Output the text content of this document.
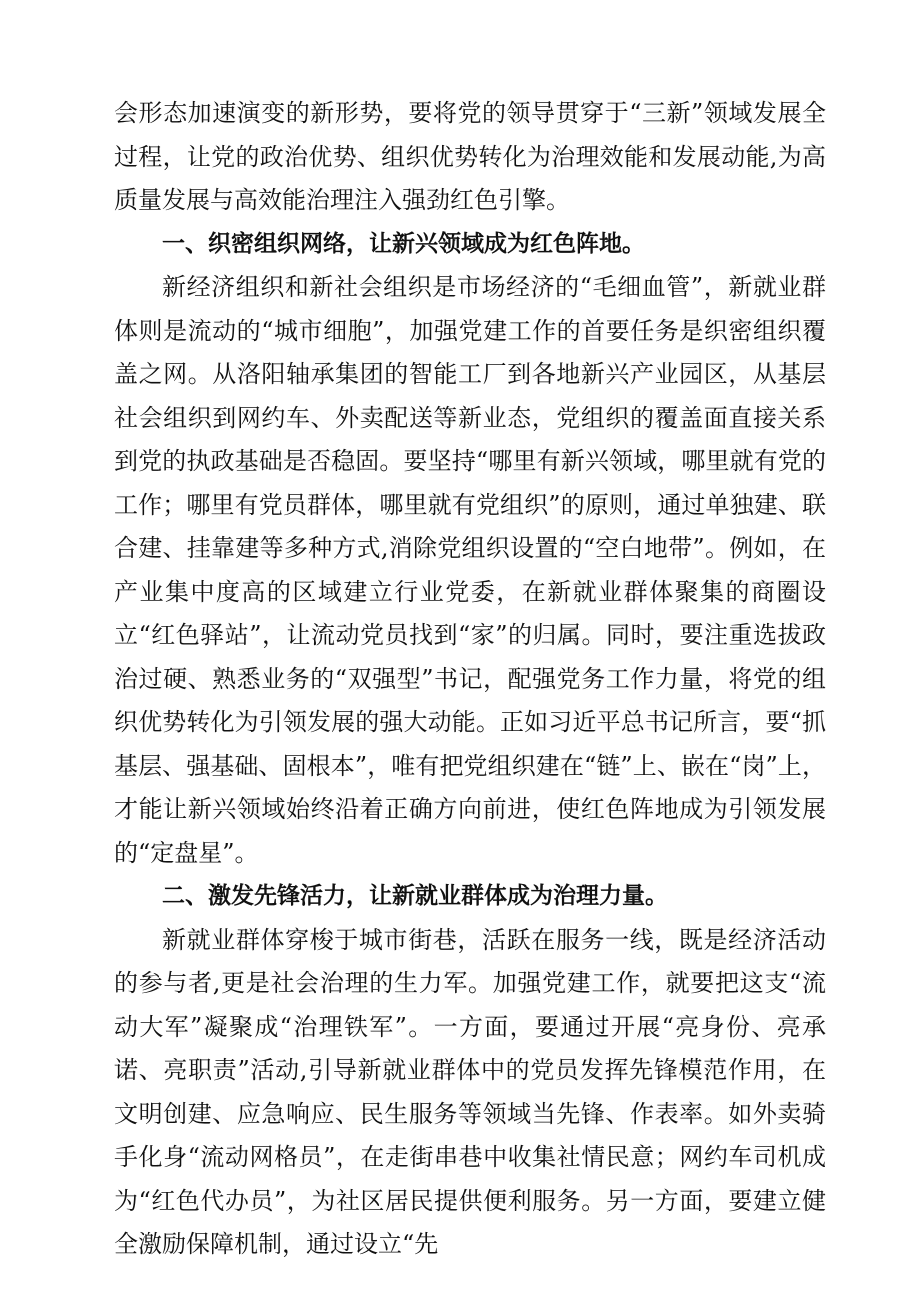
会形态加速演变的新形势，要将党的领导贯穿于“三新”领域发展全过程，让党的政治优势、组织优势转化为治理效能和发展动能,为高质量发展与高效能治理注入强劲红色引擎。

一、织密组织网络，让新兴领域成为红色阵地。

新经济组织和新社会组织是市场经济的“毛细血管”，新就业群体则是流动的“城市细胞”，加强党建工作的首要任务是织密组织覆盖之网。从洛阳轴承集团的智能工厂到各地新兴产业园区，从基层社会组织到网约车、外卖配送等新业态，党组织的覆盖面直接关系到党的执政基础是否稳固。要坚持“哪里有新兴领域，哪里就有党的工作；哪里有党员群体，哪里就有党组织”的原则，通过单独建、联合建、挂靠建等多种方式,消除党组织设置的“空白地带”。例如，在产业集中度高的区域建立行业党委，在新就业群体聚集的商圈设立“红色驿站”，让流动党员找到“家”的归属。同时，要注重选拔政治过硬、熟悉业务的“双强型”书记，配强党务工作力量，将党的组织优势转化为引领发展的强大动能。正如习近平总书记所言，要“抓基层、强基础、固根本”，唯有把党组织建在“链”上、嵌在“岗”上，才能让新兴领域始终沿着正确方向前进，使红色阵地成为引领发展的“定盘星”。

二、激发先锋活力，让新就业群体成为治理力量。

新就业群体穿梭于城市街巷，活跃在服务一线，既是经济活动的参与者,更是社会治理的生力军。加强党建工作，就要把这支“流动大军”凝聚成“治理铁军”。一方面，要通过开展“亮身份、亮承诺、亮职责”活动,引导新就业群体中的党员发挥先锋模范作用，在文明创建、应急响应、民生服务等领域当先锋、作表率。如外卖骑手化身“流动网格员”，在走街串巷中收集社情民意；网约车司机成为“红色代办员”，为社区居民提供便利服务。另一方面，要建立健全激励保障机制，通过设立“先
